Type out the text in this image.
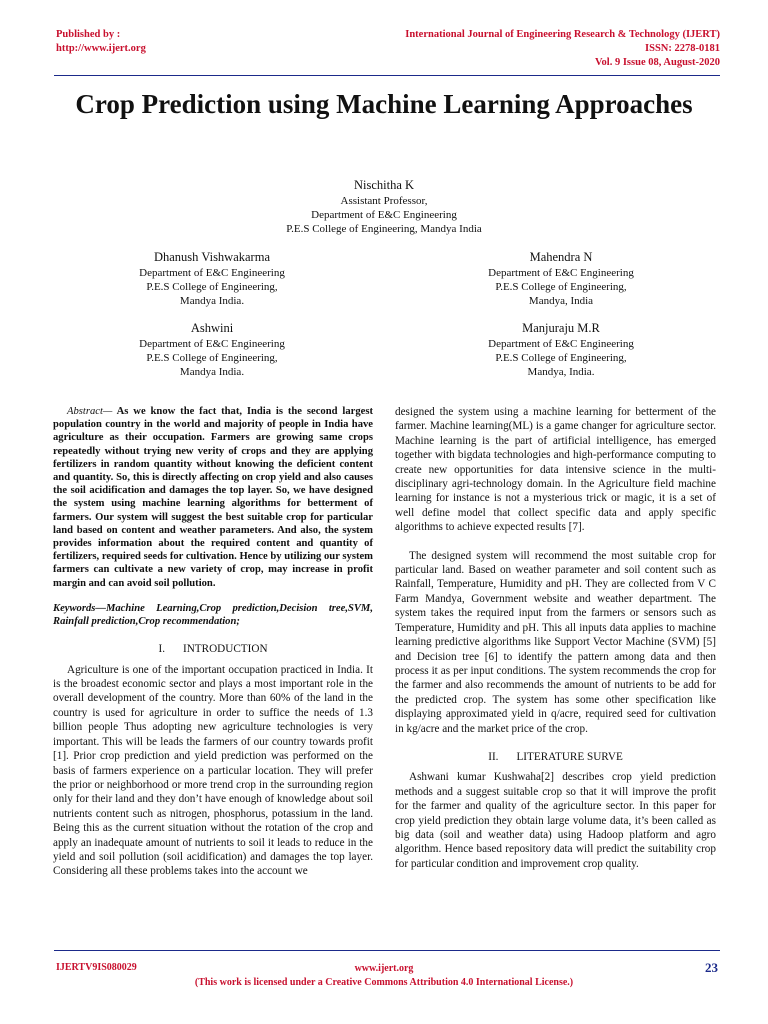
Published by :
http://www.ijert.org
International Journal of Engineering Research & Technology (IJERT)
ISSN: 2278-0181
Vol. 9 Issue 08, August-2020
Crop Prediction using Machine Learning Approaches
Nischitha K
Assistant Professor,
Department of E&C Engineering
P.E.S College of Engineering, Mandya India
Dhanush Vishwakarma
Department of E&C Engineering
P.E.S College of Engineering,
Mandya India.
Mahendra N
Department of E&C Engineering
P.E.S College of Engineering,
Mandya, India
Ashwini
Department of E&C Engineering
P.E.S College of Engineering,
Mandya India.
Manjuraju M.R
Department of E&C Engineering
P.E.S College of Engineering,
Mandya, India.

Abstract— As we know the fact that, India is the second largest population country in the world and majority of people in India have agriculture as their occupation. Farmers are growing same crops repeatedly without trying new verity of crops and they are applying fertilizers in random quantity without knowing the deficient content and quantity. So, this is directly affecting on crop yield and also causes the soil acidification and damages the top layer. So, we have designed the system using machine learning algorithms for betterment of farmers. Our system will suggest the best suitable crop for particular land based on content and weather parameters. And also, the system provides information about the required content and quantity of fertilizers, required seeds for cultivation. Hence by utilizing our system farmers can cultivate a new variety of crop, may increase in profit margin and can avoid soil pollution.

Keywords—Machine Learning,Crop prediction,Decision tree,SVM, Rainfall prediction,Crop recommendation;

I. INTRODUCTION

Agriculture is one of the important occupation practiced in India. It is the broadest economic sector and plays a most important role in the overall development of the country. More than 60% of the land in the country is used for agriculture in order to suffice the needs of 1.3 billion people Thus adopting new agriculture technologies is very important. This will be leads the farmers of our country towards profit [1]. Prior crop prediction and yield prediction was performed on the basis of farmers experience on a particular location. They will prefer the prior or neighborhood or more trend crop in the surrounding region only for their land and they don’t have enough of knowledge about soil nutrients content such as nitrogen, phosphorus, potassium in the land. Being this as the current situation without the rotation of the crop and apply an inadequate amount of nutrients to soil it leads to reduce in the yield and soil pollution (soil acidification) and damages the top layer. Considering all these problems takes into the account we

designed the system using a machine learning for betterment of the farmer. Machine learning(ML) is a game changer for agriculture sector. Machine learning is the part of artificial intelligence, has emerged together with bigdata technologies and high-performance computing to create new opportunities for data intensive science in the multi-disciplinary agri-technology domain. In the Agriculture field machine learning for instance is not a mysterious trick or magic, it is a set of well define model that collect specific data and apply specific algorithms to achieve expected results [7].

The designed system will recommend the most suitable crop for particular land. Based on weather parameter and soil content such as Rainfall, Temperature, Humidity and pH. They are collected from V C Farm Mandya, Government website and weather department. The system takes the required input from the farmers or sensors such as Temperature, Humidity and pH. This all inputs data applies to machine learning predictive algorithms like Support Vector Machine (SVM) [5] and Decision tree [6] to identify the pattern among data and then process it as per input conditions. The system recommends the crop for the farmer and also recommends the amount of nutrients to be add for the predicted crop. The system has some other specification like displaying approximated yield in q/acre, required seed for cultivation in kg/acre and the market price of the crop.

II. LITERATURE SURVE

Ashwani kumar Kushwaha[2] describes crop yield prediction methods and a suggest suitable crop so that it will improve the profit for the farmer and quality of the agriculture sector. In this paper for crop yield prediction they obtain large volume data, it’s been called as big data (soil and weather data) using Hadoop platform and agro algorithm. Hence based repository data will predict the suitability crop for particular condition and improvement crop quality.

IJERTV9IS080029	www.ijert.org
(This work is licensed under a Creative Commons Attribution 4.0 International License.)
23
